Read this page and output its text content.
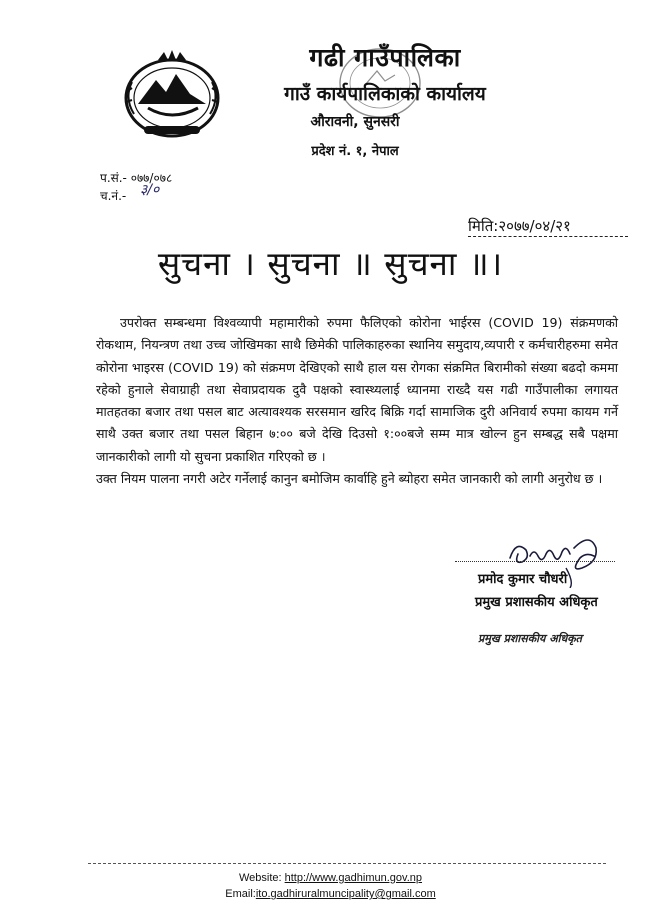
गढी गाउँपालिका
गाउँ कार्यपालिकाको कार्यालय
औरावनी, सुनसरी
प्रदेश नं. १, नेपाल
प.सं.- ०७७/०७८
च.नं.- ३/०
मिति:२०७७/०४/२१
सुचना । सुचना ॥ सुचना ॥।

उपरोक्त सम्बन्धमा विश्वव्यापी महामारीको रुपमा फैलिएको कोरोना भाईरस (COVID 19) संक्रमणको रोकथाम, नियन्त्रण तथा उच्च जोखिमका साथै छिमेकी पालिकाहरुका स्थानिय समुदाय,व्यपारी र कर्मचारीहरुमा समेत कोरोना भाइरस (COVID 19) को संक्रमण देखिएको साथै हाल यस रोगका संक्रमित बिरामीको संख्या बढदो कममा रहेको हुनाले सेवाग्राही तथा सेवाप्रदायक दुवै पक्षको स्वास्थ्यलाई ध्यानमा राख्दै यस गढी गाउँपालीका लगायत मातहतका बजार तथा पसल बाट अत्यावश्यक सरसमान खरिद बिक्रि गर्दा सामाजिक दुरी अनिवार्य रुपमा कायम गर्ने साथै उक्त बजार तथा पसल बिहान ७:०० बजे देखि दिउसो १:००बजे सम्म मात्र खोल्न हुन सम्बद्ध सबै पक्षमा जानकारीको लागी यो सुचना प्रकाशित गरिएको छ ।

उक्त नियम पालना नगरी अटेर गर्नेलाई कानुन बमोजिम कार्वाहि हुने ब्योहरा समेत जानकारी को लागी अनुरोध छ ।

प्रमोद कुमार चौधरी
प्रमुख प्रशासकीय अधिकृत
प्रमुख प्रशासकीय अधिकृत
Website: http://www.gadhimun.gov.np
Email:ito.gadhiruralmuncipality@gmail.com
